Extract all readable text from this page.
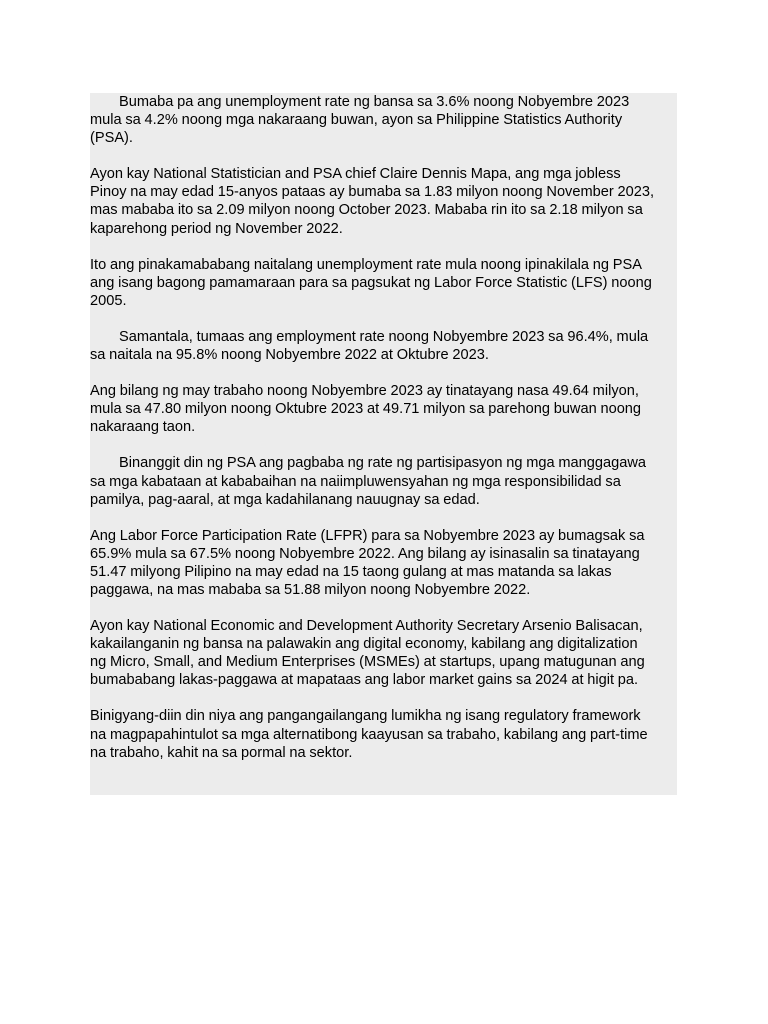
Bumaba pa ang unemployment rate ng bansa sa 3.6% noong Nobyembre 2023
mula sa 4.2% noong mga nakaraang buwan, ayon sa Philippine Statistics Authority
(PSA).

Ayon kay National Statistician and PSA chief Claire Dennis Mapa, ang mga jobless
Pinoy na may edad 15-anyos pataas ay bumaba sa 1.83 milyon noong November 2023,
mas mababa ito sa 2.09 milyon noong October 2023. Mababa rin ito sa 2.18 milyon sa
kaparehong period ng November 2022.

Ito ang pinakamababang naitalang unemployment rate mula noong ipinakilala ng PSA
ang isang bagong pamamaraan para sa pagsukat ng Labor Force Statistic (LFS) noong
2005.

Samantala, tumaas ang employment rate noong Nobyembre 2023 sa 96.4%, mula
sa naitala na 95.8% noong Nobyembre 2022 at Oktubre 2023.

Ang bilang ng may trabaho noong Nobyembre 2023 ay tinatayang nasa 49.64 milyon,
mula sa 47.80 milyon noong Oktubre 2023 at 49.71 milyon sa parehong buwan noong
nakaraang taon.

Binanggit din ng PSA ang pagbaba ng rate ng partisipasyon ng mga manggagawa
sa mga kabataan at kababaihan na naiimpluwensyahan ng mga responsibilidad sa
pamilya, pag-aaral, at mga kadahilanang nauugnay sa edad.

Ang Labor Force Participation Rate (LFPR) para sa Nobyembre 2023 ay bumagsak sa
65.9% mula sa 67.5% noong Nobyembre 2022. Ang bilang ay isinasalin sa tinatayang
51.47 milyong Pilipino na may edad na 15 taong gulang at mas matanda sa lakas
paggawa, na mas mababa sa 51.88 milyon noong Nobyembre 2022.

Ayon kay National Economic and Development Authority Secretary Arsenio Balisacan,
kakailanganin ng bansa na palawakin ang digital economy, kabilang ang digitalization
ng Micro, Small, and Medium Enterprises (MSMEs) at startups, upang matugunan ang
bumababang lakas-paggawa at mapataas ang labor market gains sa 2024 at higit pa.

Binigyang-diin din niya ang pangangailangang lumikha ng isang regulatory framework
na magpapahintulot sa mga alternatibong kaayusan sa trabaho, kabilang ang part-time
na trabaho, kahit na sa pormal na sektor.
